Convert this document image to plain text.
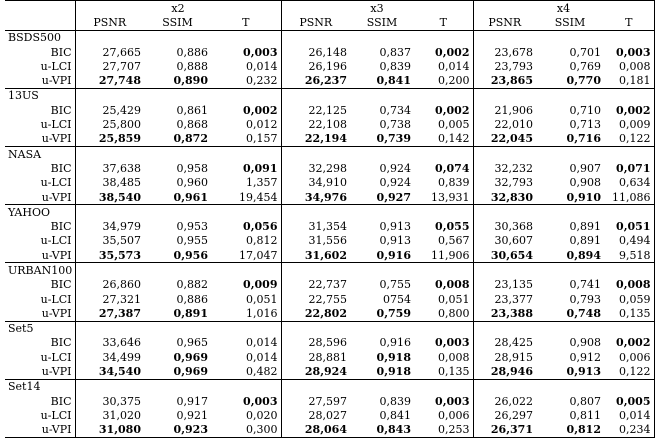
	x2			x3			x4		
	PSNR	SSIM	T	PSNR	SSIM	T	PSNR	SSIM	T
BSDS500									
BIC	27,665	0,886	0,003	26,148	0,837	0,002	23,678	0,701	0,003
u-LCI	27,707	0,888	0,014	26,196	0,839	0,014	23,793	0,769	0,008
u-VPI	27,748	0,890	0,232	26,237	0,841	0,200	23,865	0,770	0,181
13US									
BIC	25,429	0,861	0,002	22,125	0,734	0,002	21,906	0,710	0,002
u-LCI	25,800	0,868	0,012	22,108	0,738	0,005	22,010	0,713	0,009
u-VPI	25,859	0,872	0,157	22,194	0,739	0,142	22,045	0,716	0,122
NASA									
BIC	37,638	0,958	0,091	32,298	0,924	0,074	32,232	0,907	0,071
u-LCI	38,485	0,960	1,357	34,910	0,924	0,839	32,793	0,908	0,634
u-VPI	38,540	0,961	19,454	34,976	0,927	13,931	32,830	0,910	11,086
YAHOO									
BIC	34,979	0,953	0,056	31,354	0,913	0,055	30,368	0,891	0,051
u-LCI	35,507	0,955	0,812	31,556	0,913	0,567	30,607	0,891	0,494
u-VPI	35,573	0,956	17,047	31,602	0,916	11,906	30,654	0,894	9,518
URBAN100									
BIC	26,860	0,882	0,009	22,737	0,755	0,008	23,135	0,741	0,008
u-LCI	27,321	0,886	0,051	22,755	0754	0,051	23,377	0,793	0,059
u-VPI	27,387	0,891	1,016	22,802	0,759	0,800	23,388	0,748	0,135
Set5									
BIC	33,646	0,965	0,014	28,596	0,916	0,003	28,425	0,908	0,002
u-LCI	34,499	0,969	0,014	28,881	0,918	0,008	28,915	0,912	0,006
u-VPI	34,540	0,969	0,482	28,924	0,918	0,135	28,946	0,913	0,122
Set14									
BIC	30,375	0,917	0,003	27,597	0,839	0,003	26,022	0,807	0,005
u-LCI	31,020	0,921	0,020	28,027	0,841	0,006	26,297	0,811	0,014
u-VPI	31,080	0,923	0,300	28,064	0,843	0,253	26,371	0,812	0,234
